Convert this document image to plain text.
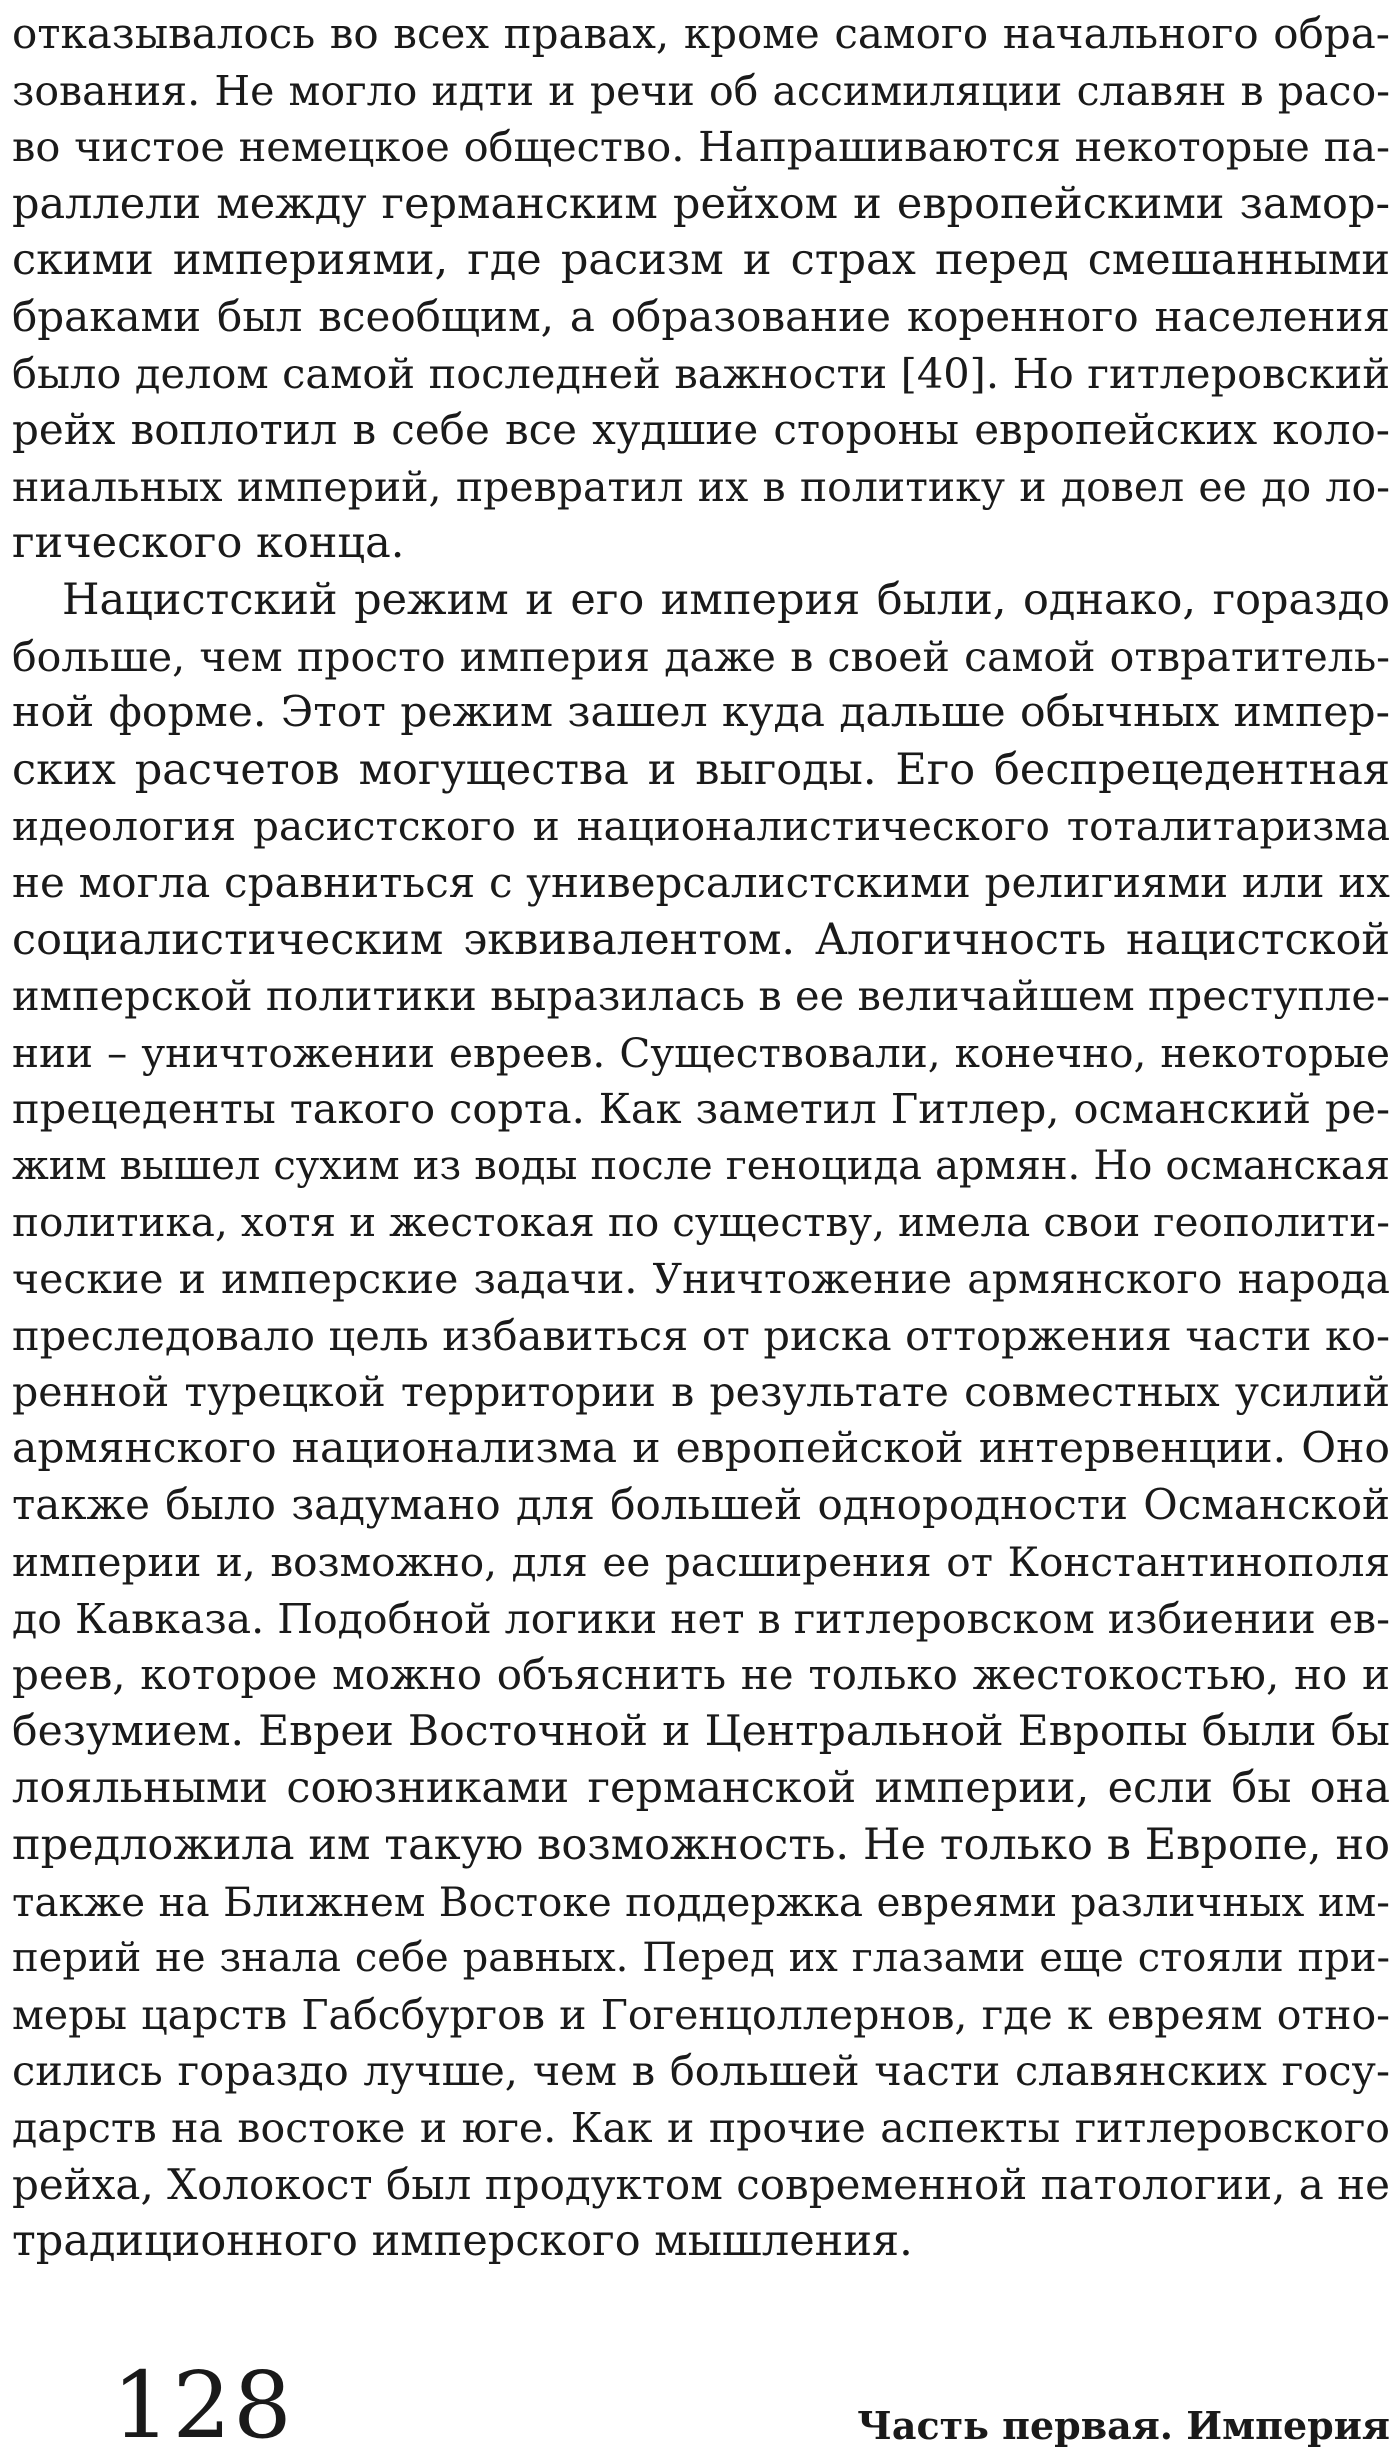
отказывалось во всех правах, кроме самого начального обра-
зования. Не могло идти и речи об ассимиляции славян в расо-
во чистое немецкое общество. Напрашиваются некоторые па-
раллели между германским рейхом и европейскими замор-
скими империями, где расизм и страх перед смешанными
браками был всеобщим, а образование коренного населения
было делом самой последней важности [40]. Но гитлеровский
рейх воплотил в себе все худшие стороны европейских коло-
ниальных империй, превратил их в политику и довел ее до ло-
гического конца.
Нацистский режим и его империя были, однако, гораздо
больше, чем просто империя даже в своей самой отвратитель-
ной форме. Этот режим зашел куда дальше обычных импер-
ских расчетов могущества и выгоды. Его беспрецедентная
идеология расистского и националистического тоталитаризма
не могла сравниться с универсалистскими религиями или их
социалистическим эквивалентом. Алогичность нацистской
имперской политики выразилась в ее величайшем преступле-
нии – уничтожении евреев. Существовали, конечно, некоторые
прецеденты такого сорта. Как заметил Гитлер, османский ре-
жим вышел сухим из воды после геноцида армян. Но османская
политика, хотя и жестокая по существу, имела свои геополити-
ческие и имперские задачи. Уничтожение армянского народа
преследовало цель избавиться от риска отторжения части ко-
ренной турецкой территории в результате совместных усилий
армянского национализма и европейской интервенции. Оно
также было задумано для большей однородности Османской
империи и, возможно, для ее расширения от Константинополя
до Кавказа. Подобной логики нет в гитлеровском избиении ев-
реев, которое можно объяснить не только жестокостью, но и
безумием. Евреи Восточной и Центральной Европы были бы
лояльными союзниками германской империи, если бы она
предложила им такую возможность. Не только в Европе, но
также на Ближнем Востоке поддержка евреями различных им-
перий не знала себе равных. Перед их глазами еще стояли при-
меры царств Габсбургов и Гогенцоллернов, где к евреям отно-
сились гораздо лучше, чем в большей части славянских госу-
дарств на востоке и юге. Как и прочие аспекты гитлеровского
рейха, Холокост был продуктом современной патологии, а не
традиционного имперского мышления.
128	Часть первая. Империя
